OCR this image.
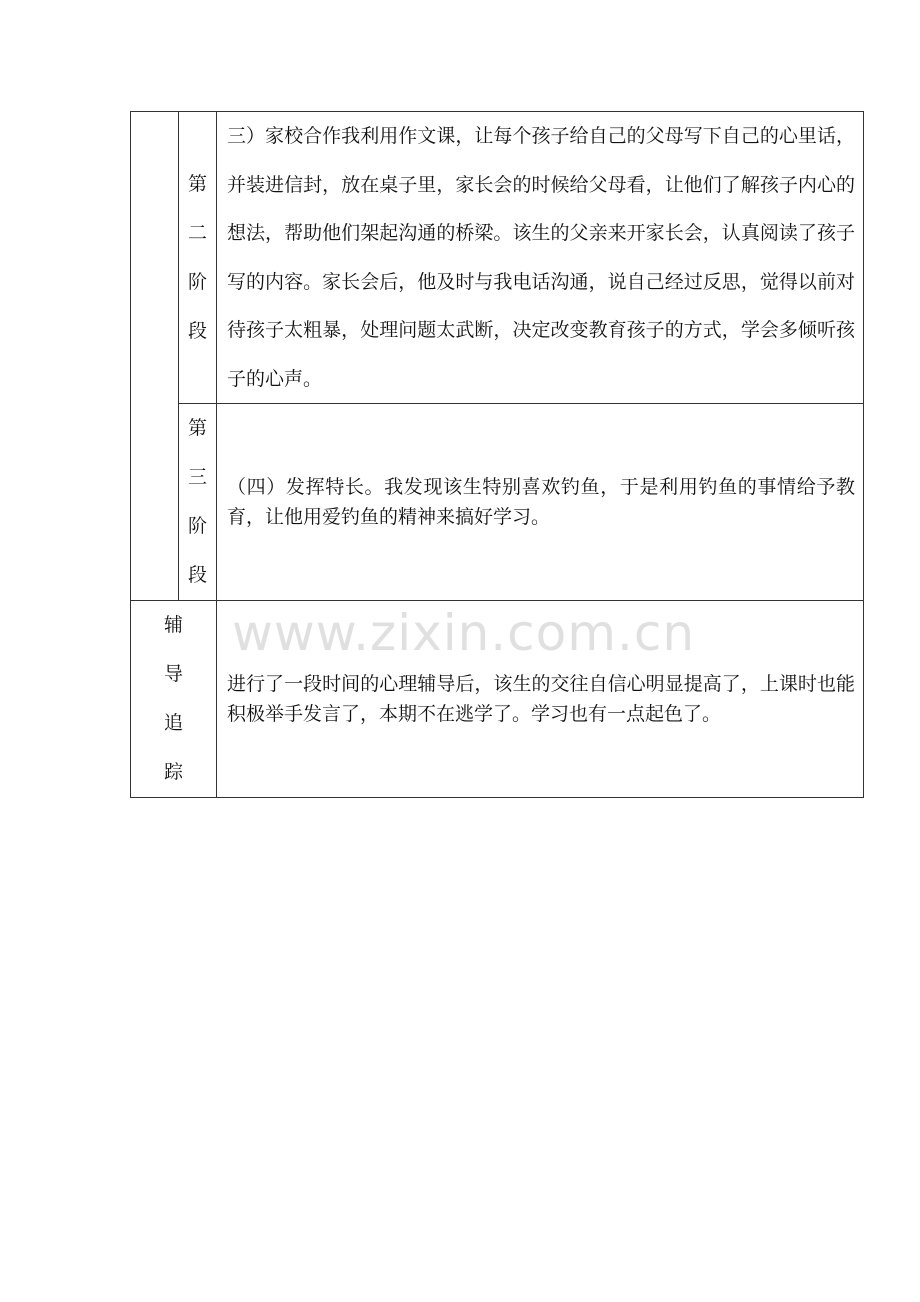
	第
二
阶
段	三）家校合作我利用作文课，让每个孩子给自己的父母写下自己的心里话，并装进信封，放在桌子里，家长会的时候给父母看，让他们了解孩子内心的想法，帮助他们架起沟通的桥梁。该生的父亲来开家长会，认真阅读了孩子写的内容。家长会后，他及时与我电话沟通，说自己经过反思，觉得以前对待孩子太粗暴，处理问题太武断，决定改变教育孩子的方式，学会多倾听孩子的心声。

	第
三
阶
段	（四）发挥特长。我发现该生特别喜欢钓鱼，于是利用钓鱼的事情给予教育，让他用爱钓鱼的精神来搞好学习。

辅
导
追
踪		进行了一段时间的心理辅导后，该生的交往自信心明显提高了，上课时也能积极举手发言了，本期不在逃学了。学习也有一点起色了。
www.zixin.com.cn
